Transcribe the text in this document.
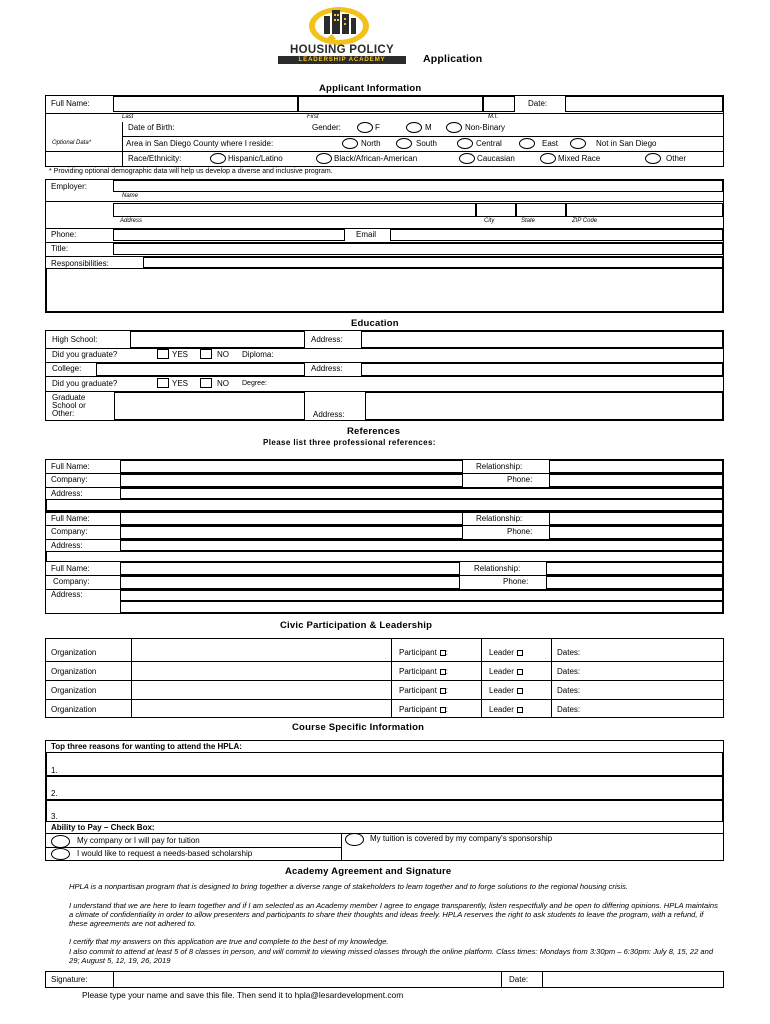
HOUSING POLICY
LEADERSHIP ACADEMY	Application
Applicant Information
Full Name:	Date:
Last	First	M.I.
Optional Data*
Date of Birth:	Gender:	F	M	Non-Binary
Area in San Diego County where I reside:	North	South	Central	East	Not in San Diego
Race/Ethnicity:	Hispanic/Latino	Black/African-American	Caucasian	Mixed Race	Other
* Providing optional demographic data will help us develop a diverse and inclusive program.
Employer:
Name
Address	City	State	ZIP Code
Phone:	Email
Title:
Responsibilities:
Education
High School:	Address:
Did you graduate?	YES	NO Diploma:
College:	Address:
Did you graduate?	YES	NO Degree:
Graduate
School or
Other:	Address:
References
Please list three professional references:
Full Name:	Relationship:
Company:	Phone:
Address:
Full Name:	Relationship:
Company:	Phone:
Address:
Full Name:	Relationship:
Company:	Phone:
Address:
Civic Participation & Leadership
Organization	Participant :	Leader	Dates:
Organization	Participant :	Leader	Dates:
Organization	Participant :	Leader	Dates:
Organization	Participant :	Leader	Dates:
Course Specific Information
Top three reasons for wanting to attend the HPLA:
1.
2.
3.
Ability to Pay – Check Box:
My company or I will pay for tuition	My tuition is covered by my company's sponsorship
I would like to request a needs-based scholarship
Academy Agreement and Signature
HPLA is a nonpartisan program that is designed to bring together a diverse range of stakeholders to learn together and to forge solutions to the regional housing crisis.
I understand that we are here to learn together and if I am selected as an Academy member I agree to engage transparently, listen respectfully and be open to differing opinions. HPLA maintains a climate of confidentiality in order to allow presenters and participants to share their thoughts and ideas freely. HPLA reserves the right to ask students to leave the program, with a refund, if these agreements are not adhered to.
I certify that my answers on this application are true and complete to the best of my knowledge.
I also commit to attend at least 5 of 8 classes in person, and will commit to viewing missed classes through the online platform. Class times: Mondays from 3:30pm – 6:30pm: July 8, 15, 22 and 29; August 5, 12, 19, 26, 2019
Signature:	Date:
Please type your name and save this file. Then send it to hpla@lesardevelopment.com
